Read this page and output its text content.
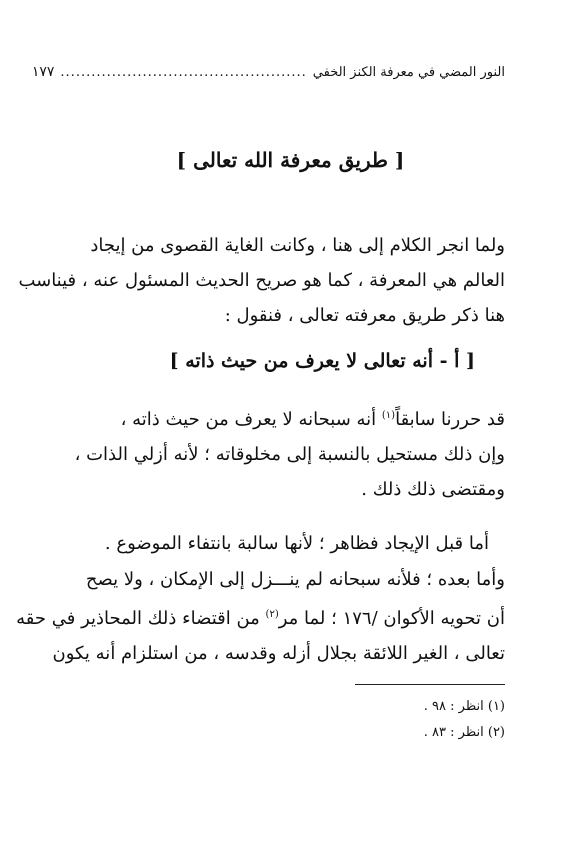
النور المضي في معرفة الكنز الخفي
................................................
١٧٧
[ طريق معرفة الله تعالى ]
ولما انجر الكلام إلى هنا ، وكانت الغاية القصوى من إيجاد
العالم هي المعرفة ، كما هو صريح الحديث المسئول عنه ، فيناسب
هنا ذكر طريق معرفته تعالى ، فنقول :
[ أ - أنه تعالى لا يعرف من حيث ذاته ]
قد حررنا سابقاً$^{(١)}$ أنه سبحانه لا يعرف من حيث ذاته ،
وإن ذلك مستحيل بالنسبة إلى مخلوقاته ؛ لأنه أزلي الذات ،
ومقتضى ذلك ذلك .
أما قبل الإيجاد فظاهر ؛ لأنها سالبة بانتفاء الموضوع .
وأما بعده ؛ فلأنه سبحانه لم ينـــزل إلى الإمكان ، ولا يصح
أن تحويه الأكوان /١٧٦ ؛ لما مر$^{(٢)}$ من اقتضاء ذلك المحاذير في حقه
تعالى ، الغير اللائقة بجلال أزله وقدسه ، من استلزام أنه يكون
(١) انظر : ٩٨ .
(٢) انظر : ٨٣ .
